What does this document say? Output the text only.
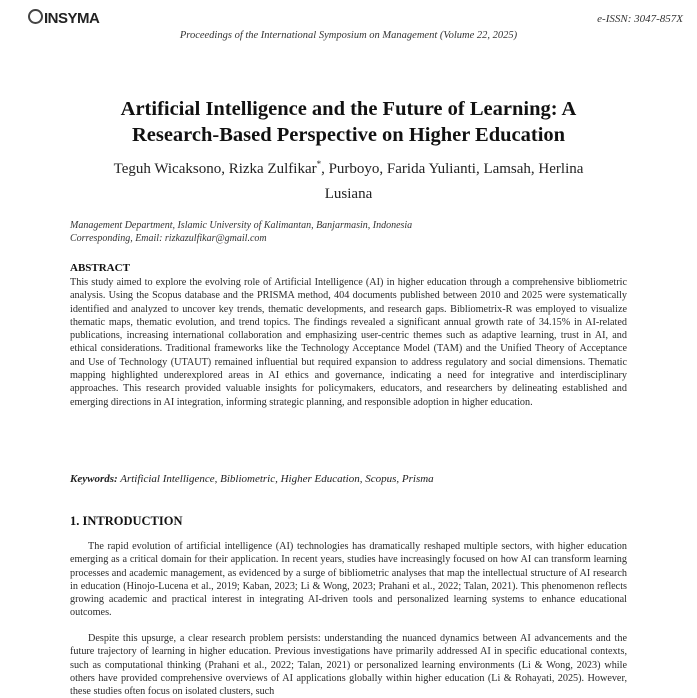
INSYMA	e-ISSN: 3047-857X
Proceedings of the International Symposium on Management (Volume 22, 2025)
Artificial Intelligence and the Future of Learning: A
Research-Based Perspective on Higher Education
Teguh Wicaksono, Rizka Zulfikar*, Purboyo, Farida Yulianti, Lamsah, Herlina
Lusiana
Management Department, Islamic University of Kalimantan, Banjarmasin, Indonesia
Corresponding, Email: rizkazulfikar@gmail.com
ABSTRACT
This study aimed to explore the evolving role of Artificial Intelligence (AI) in higher education through a comprehensive bibliometric analysis. Using the Scopus database and the PRISMA method, 404 documents published between 2010 and 2025 were systematically identified and analyzed to uncover key trends, thematic developments, and research gaps. Bibliometrix-R was employed to visualize thematic maps, thematic evolution, and trend topics. The findings revealed a significant annual growth rate of 34.15% in AI-related publications, increasing international collaboration and emphasizing user-centric themes such as adaptive learning, trust in AI, and ethical considerations. Traditional frameworks like the Technology Acceptance Model (TAM) and the Unified Theory of Acceptance and Use of Technology (UTAUT) remained influential but required expansion to address regulatory and social dimensions. Thematic mapping highlighted underexplored areas in AI ethics and governance, indicating a need for integrative and interdisciplinary approaches. This research provided valuable insights for policymakers, educators, and researchers by delineating established and emerging directions in AI integration, informing strategic planning, and responsible adoption in higher education.
Keywords: Artificial Intelligence, Bibliometric, Higher Education, Scopus, Prisma
1. INTRODUCTION
The rapid evolution of artificial intelligence (AI) technologies has dramatically reshaped multiple sectors, with higher education emerging as a critical domain for their application. In recent years, studies have increasingly focused on how AI can transform learning processes and academic management, as evidenced by a surge of bibliometric analyses that map the intellectual structure of AI research in education (Hinojo-Lucena et al., 2019; Kaban, 2023; Li & Wong, 2023; Prahani et al., 2022; Talan, 2021). This phenomenon reflects growing academic and practical interest in integrating AI-driven tools and personalized learning systems to enhance educational outcomes.
Despite this upsurge, a clear research problem persists: understanding the nuanced dynamics between AI advancements and the future trajectory of learning in higher education. Previous investigations have primarily addressed AI in specific educational contexts, such as computational thinking (Prahani et al., 2022; Talan, 2021) or personalized learning environments (Li & Wong, 2023) while others have provided comprehensive overviews of AI applications globally within higher education (Li & Rohayati, 2025). However, these studies often focus on isolated clusters, such
